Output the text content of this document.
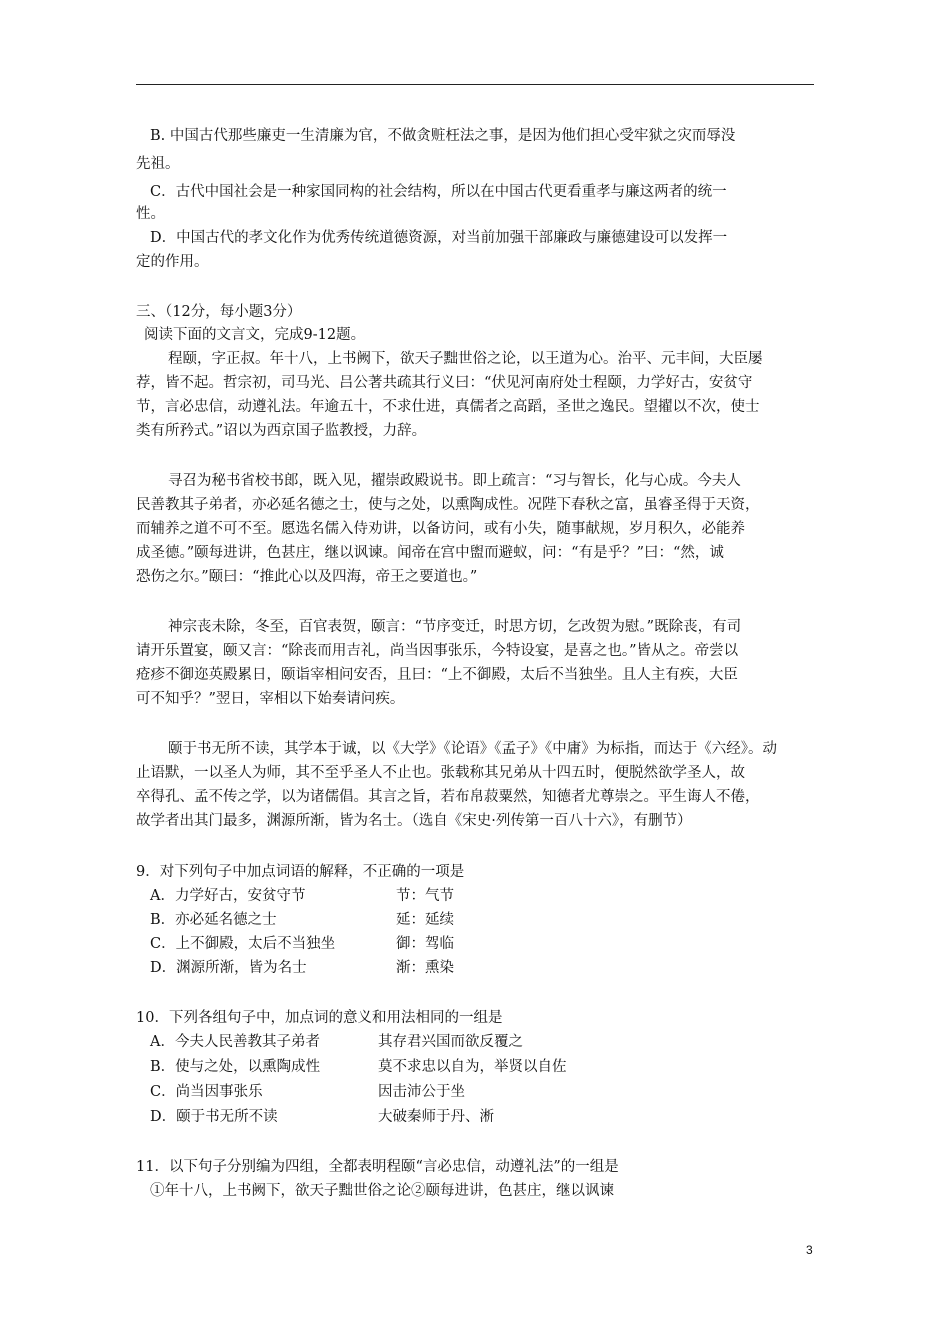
B. 中国古代那些廉吏一生清廉为官，不做贪赃枉法之事，是因为他们担心受牢狱之灾而辱没
先祖。
C．古代中国社会是一种家国同构的社会结构，所以在中国古代更看重孝与廉这两者的统一
性。
D．中国古代的孝文化作为优秀传统道德资源，对当前加强干部廉政与廉德建设可以发挥一
定的作用。
三、（12分，每小题3分）
阅读下面的文言文，完成9-12题。
程颐，字正叔。年十八，上书阙下，欲天子黜世俗之论，以王道为心。治平、元丰间，大臣屡
荐，皆不起。哲宗初，司马光、吕公著共疏其行义曰：“伏见河南府处士程颐，力学好古，安贫守
节，言必忠信，动遵礼法。年逾五十，不求仕进，真儒者之高蹈，圣世之逸民。望擢以不次，使士
类有所矜式。”诏以为西京国子监教授，力辞。
寻召为秘书省校书郎，既入见，擢崇政殿说书。即上疏言：“习与智长，化与心成。今夫人
民善教其子弟者，亦必延名德之士，使与之处，以熏陶成性。况陛下春秋之富，虽睿圣得于天资，
而辅养之道不可不至。愿选名儒入侍劝讲，以备访问，或有小失，随事献规，岁月积久，必能养
成圣德。”颐每进讲，色甚庄，继以讽谏。闻帝在宫中盥而避蚁，问：“有是乎？”曰：“然，诚
恐伤之尔。”颐曰：“推此心以及四海，帝王之要道也。”
神宗丧未除，冬至，百官表贺，颐言：“节序变迁，时思方切，乞改贺为慰。”既除丧，有司
请开乐置宴，颐又言：“除丧而用吉礼，尚当因事张乐，今特设宴，是喜之也。”皆从之。帝尝以
疮疹不御迩英殿累日，颐诣宰相问安否，且曰：“上不御殿，太后不当独坐。且人主有疾，大臣
可不知乎？”翌日，宰相以下始奏请问疾。
颐于书无所不读，其学本于诚，以《大学》《论语》《孟子》《中庸》为标指，而达于《六经》。动
止语默，一以圣人为师，其不至乎圣人不止也。张载称其兄弟从十四五时，便脱然欲学圣人，故
卒得孔、孟不传之学，以为诸儒倡。其言之旨，若布帛菽粟然，知德者尤尊崇之。平生诲人不倦，
故学者出其门最多，渊源所渐，皆为名士。（选自《宋史·列传第一百八十六》，有删节）
9．对下列句子中加点词语的解释，不正确的一项是
A．力学好古，安贫守节	节：气节
B．亦必延名德之士	延：延续
C．上不御殿，太后不当独坐	御：驾临
D．渊源所渐，皆为名士	渐：熏染
10．下列各组句子中，加点词的意义和用法相同的一组是
A．今夫人民善教其子弟者	其存君兴国而欲反覆之
B．使与之处，以熏陶成性	莫不求忠以自为，举贤以自佐
C．尚当因事张乐	因击沛公于坐
D．颐于书无所不读	大破秦师于丹、淅
11．以下句子分别编为四组，全都表明程颐“言必忠信，动遵礼法”的一组是
①年十八，上书阙下，欲天子黜世俗之论②颐每进讲，色甚庄，继以讽谏
3
